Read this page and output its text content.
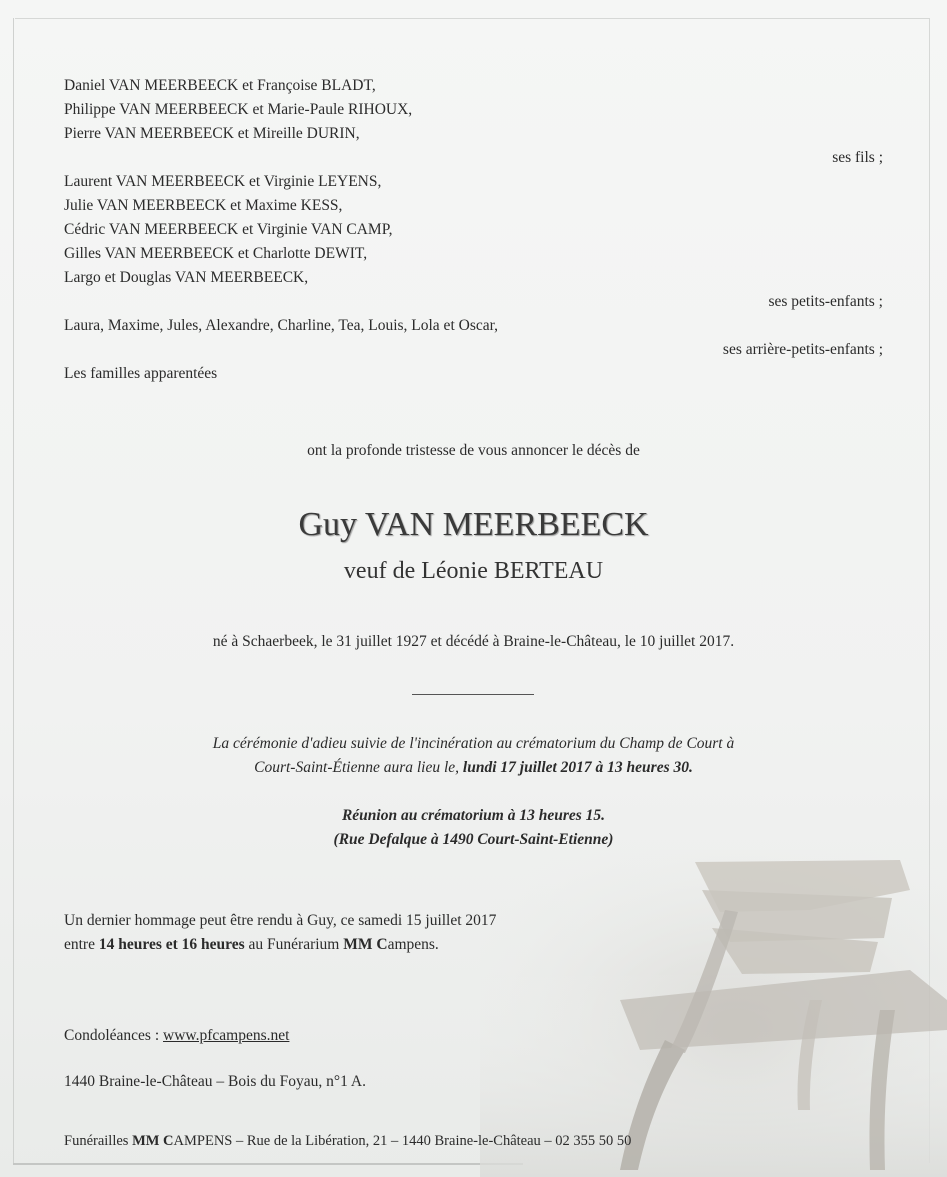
Daniel VAN MEERBEECK et Françoise BLADT,
Philippe VAN MEERBEECK et Marie-Paule RIHOUX,
Pierre VAN MEERBEECK et Mireille DURIN,
ses fils ;
Laurent VAN MEERBEECK et Virginie LEYENS,
Julie VAN MEERBEECK et Maxime KESS,
Cédric VAN MEERBEECK et Virginie VAN CAMP,
Gilles VAN MEERBEECK et Charlotte DEWIT,
Largo et Douglas VAN MEERBEECK,
ses petits-enfants ;
Laura, Maxime, Jules, Alexandre, Charline, Tea, Louis, Lola et Oscar,
ses arrière-petits-enfants ;
Les familles apparentées
ont la profonde tristesse de vous annoncer le décès de
Guy VAN MEERBEECK
veuf de Léonie BERTEAU
né à Schaerbeek, le 31 juillet 1927 et décédé à Braine-le-Château, le 10 juillet 2017.
La cérémonie d'adieu suivie de l'incinération au crématorium du Champ de Court à
Court-Saint-Étienne aura lieu le, lundi 17 juillet 2017 à 13 heures 30.
Réunion au crématorium à 13 heures 15.
(Rue Defalque à 1490 Court-Saint-Etienne)
Un dernier hommage peut être rendu à Guy, ce samedi 15 juillet 2017
entre 14 heures et 16 heures au Funérarium MM Campens.
Condoléances : www.pfcampens.net
1440 Braine-le-Château – Bois du Foyau, n°1 A.
Funérailles MM CAMPENS – Rue de la Libération, 21 – 1440 Braine-le-Château – 02 355 50 50
